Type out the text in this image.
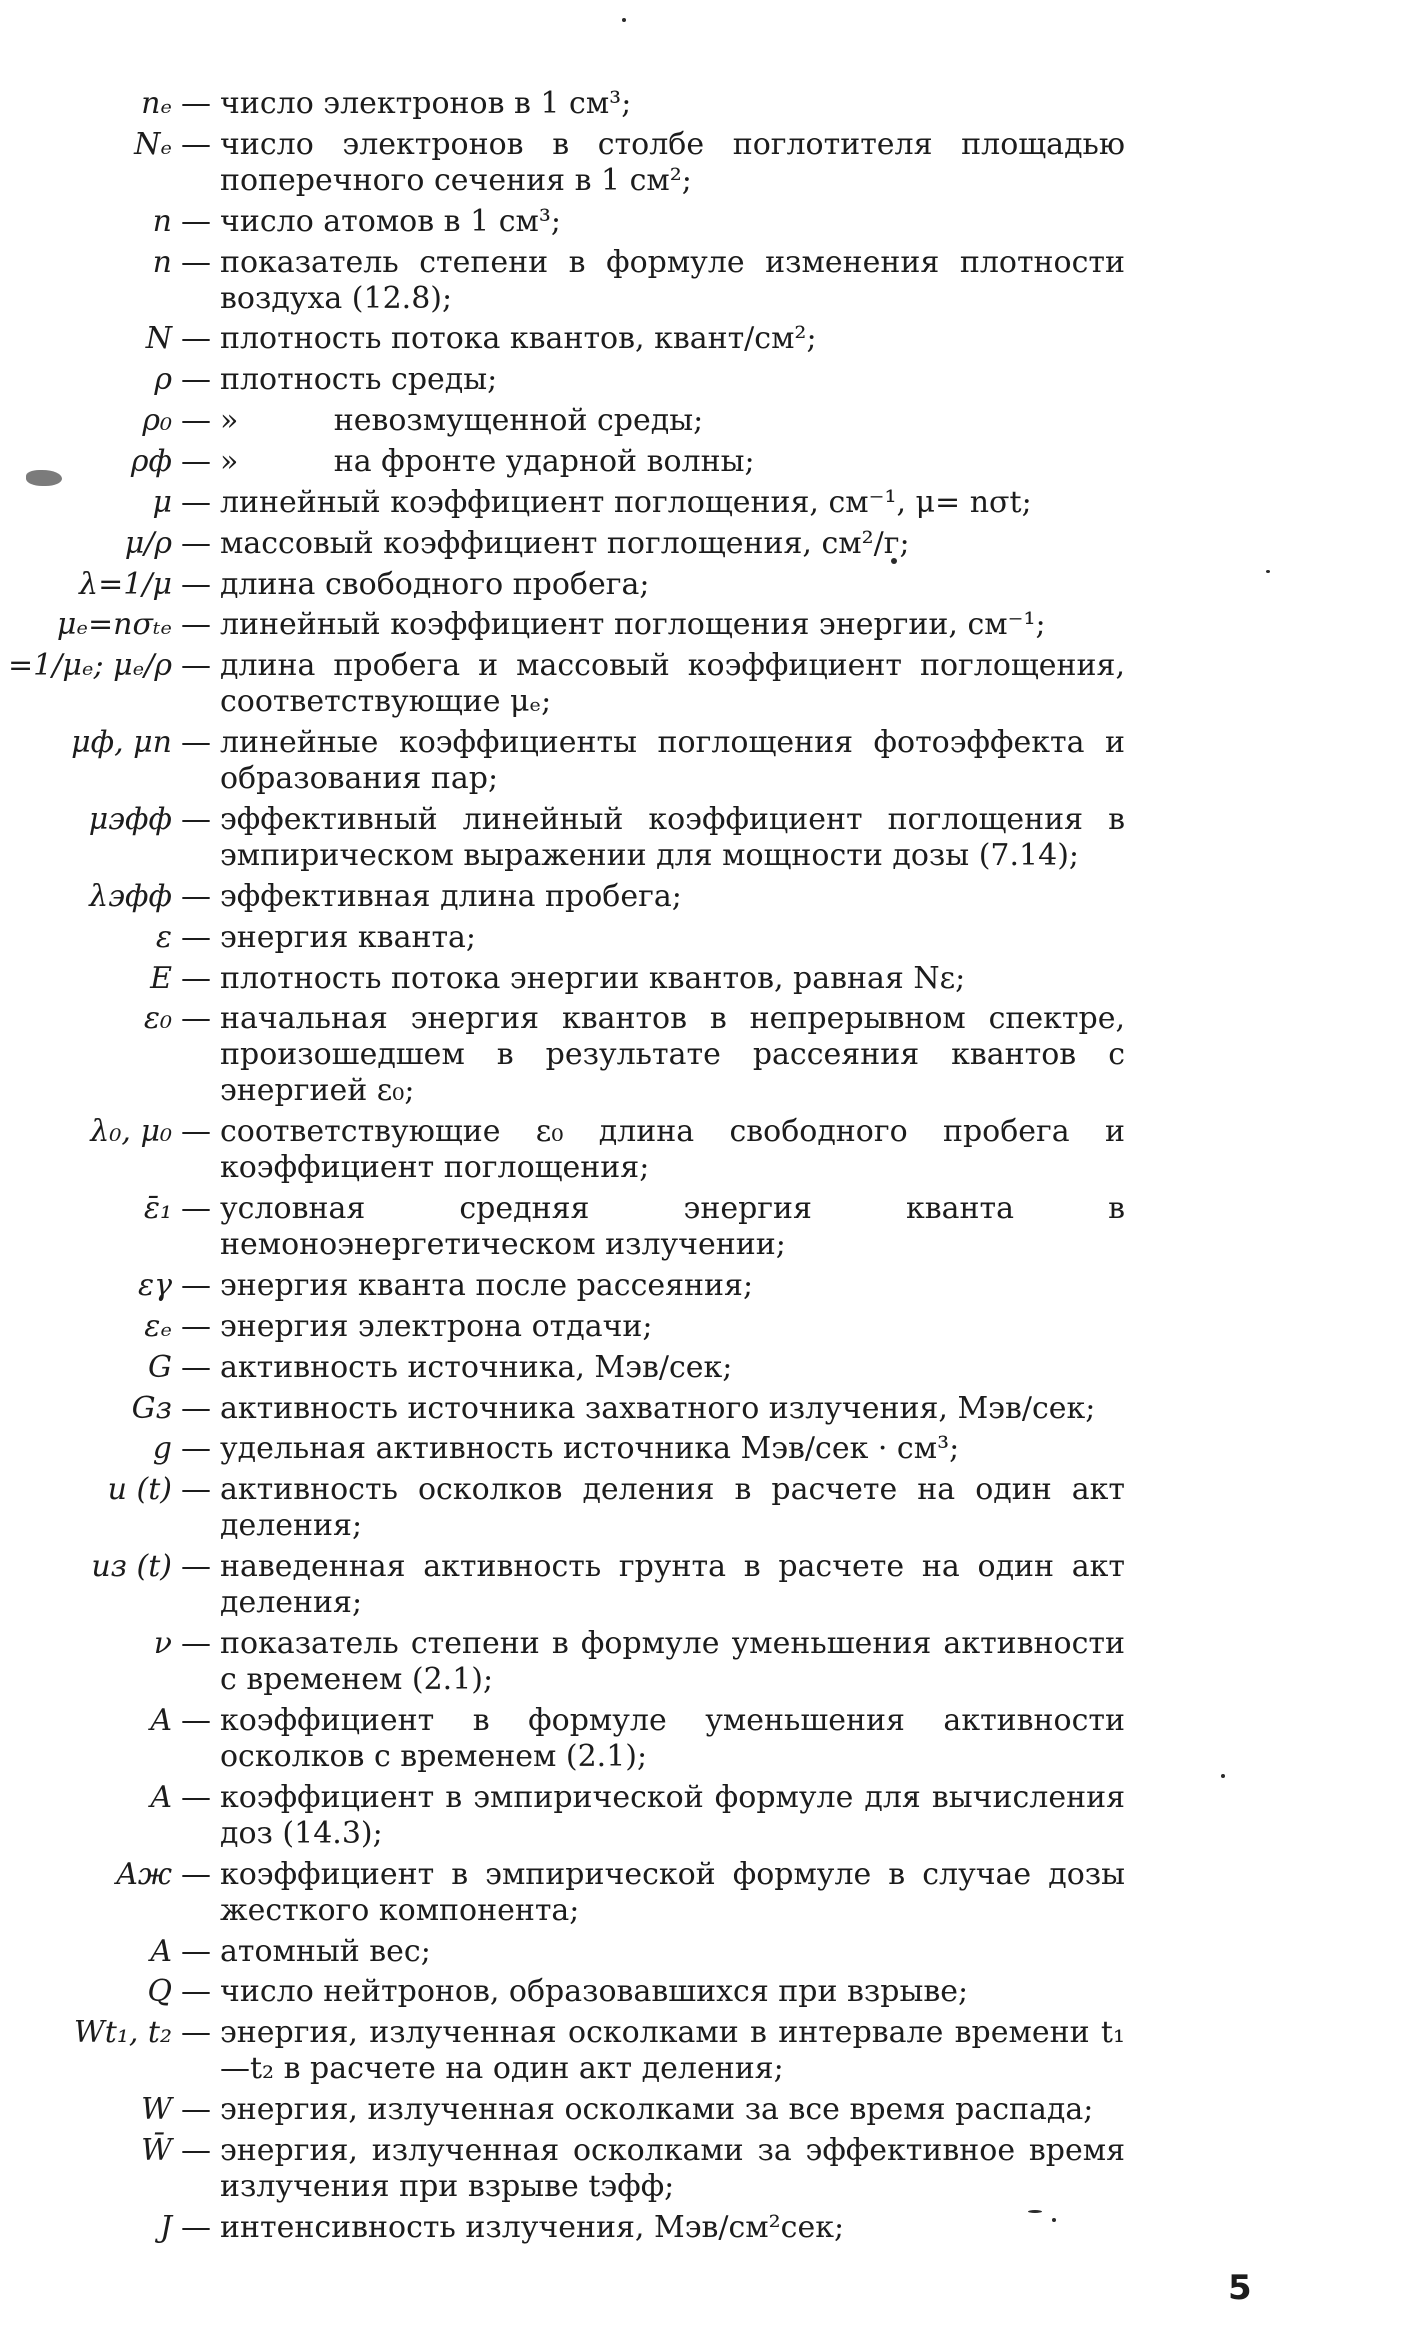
nₑ — число электронов в 1 см³;
Nₑ — число электронов в столбе поглотителя площадью поперечного сечения в 1 см²;
n — число атомов в 1 см³;
n — показатель степени в формуле изменения плотности воздуха (12.8);
N — плотность потока квантов, квант/см²;
ρ — плотность среды;
ρ₀ — »          невозмущенной среды;
ρф — »          на фронте ударной волны;
μ — линейный коэффициент поглощения, см⁻¹, μ= nσt;
μ/ρ — массовый коэффициент поглощения, см²/г;
λ=1/μ — длина свободного пробега;
μₑ=nσₜₑ — линейный коэффициент поглощения энергии, см⁻¹;
=1/μₑ; μₑ/ρ — длина пробега и массовый коэффициент поглощения, соответствующие μₑ;
μф, μп — линейные коэффициенты поглощения фотоэффекта и образования пар;
μэфф — эффективный линейный коэффициент поглощения в эмпирическом выражении для мощности дозы (7.14);
λэфф — эффективная длина пробега;
ε — энергия кванта;
E — плотность потока энергии квантов, равная Nε;
ε₀ — начальная энергия квантов в непрерывном спектре, произошедшем в результате рассеяния квантов с энергией ε₀;
λ₀, μ₀ — соответствующие ε₀ длина свободного пробега и коэффициент поглощения;
ε̄₁ — условная средняя энергия кванта в немоноэнергетическом излучении;
εγ — энергия кванта после рассеяния;
εₑ — энергия электрона отдачи;
G — активность источника, Мэв/сек;
Gз — активность источника захватного излучения, Мэв/сек;
g — удельная активность источника Мэв/сек · см³;
u (t) — активность осколков деления в расчете на один акт деления;
uз (t) — наведенная активность грунта в расчете на один акт деления;
ν — показатель степени в формуле уменьшения активности с временем (2.1);
A — коэффициент в формуле уменьшения активности осколков с временем (2.1);
A — коэффициент в эмпирической формуле для вычисления доз (14.3);
Aж — коэффициент в эмпирической формуле в случае дозы жесткого компонента;
A — атомный вес;
Q — число нейтронов, образовавшихся при взрыве;
Wt₁, t₂ — энергия, излученная осколками в интервале времени t₁—t₂ в расчете на один акт деления;
W — энергия, излученная осколками за все время распада;
W̄ — энергия, излученная осколками за эффективное время излучения при взрыве tэфф;
J — интенсивность излучения, Мэв/см²сек;
5
